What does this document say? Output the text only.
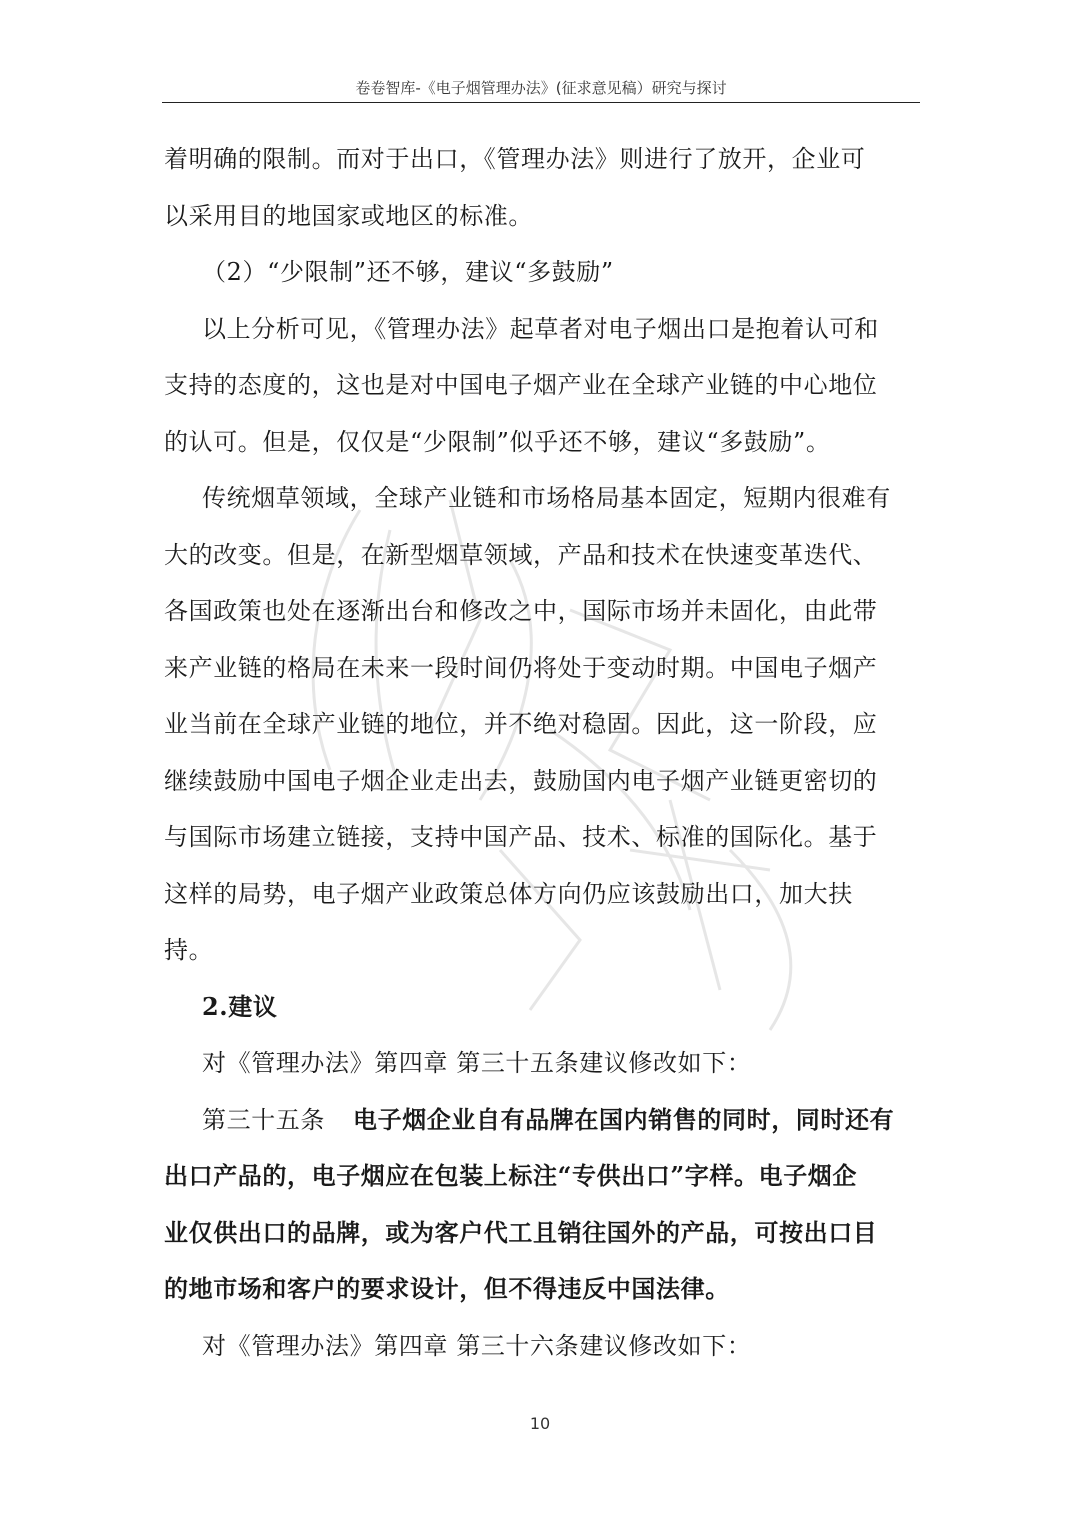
卷卷智库-《电子烟管理办法》(征求意见稿）研究与探讨

着明确的限制。而对于出口，《管理办法》则进行了放开，企业可

以采用目的地国家或地区的标准。

（2）“少限制”还不够，建议“多鼓励”

以上分析可见，《管理办法》起草者对电子烟出口是抱着认可和

支持的态度的，这也是对中国电子烟产业在全球产业链的中心地位

的认可。但是，仅仅是“少限制”似乎还不够，建议“多鼓励”。

传统烟草领域，全球产业链和市场格局基本固定，短期内很难有

大的改变。但是，在新型烟草领域，产品和技术在快速变革迭代、

各国政策也处在逐渐出台和修改之中，国际市场并未固化，由此带

来产业链的格局在未来一段时间仍将处于变动时期。中国电子烟产

业当前在全球产业链的地位，并不绝对稳固。因此，这一阶段，应

继续鼓励中国电子烟企业走出去，鼓励国内电子烟产业链更密切的

与国际市场建立链接，支持中国产品、技术、标准的国际化。基于

这样的局势，电子烟产业政策总体方向仍应该鼓励出口，加大扶

持。

2.建议

对《管理办法》第四章 第三十五条建议修改如下：

第三十五条 电子烟企业自有品牌在国内销售的同时，同时还有

出口产品的，电子烟应在包装上标注“专供出口”字样。电子烟企

业仅供出口的品牌，或为客户代工且销往国外的产品，可按出口目

的地市场和客户的要求设计，但不得违反中国法律。

对《管理办法》第四章 第三十六条建议修改如下：

10
